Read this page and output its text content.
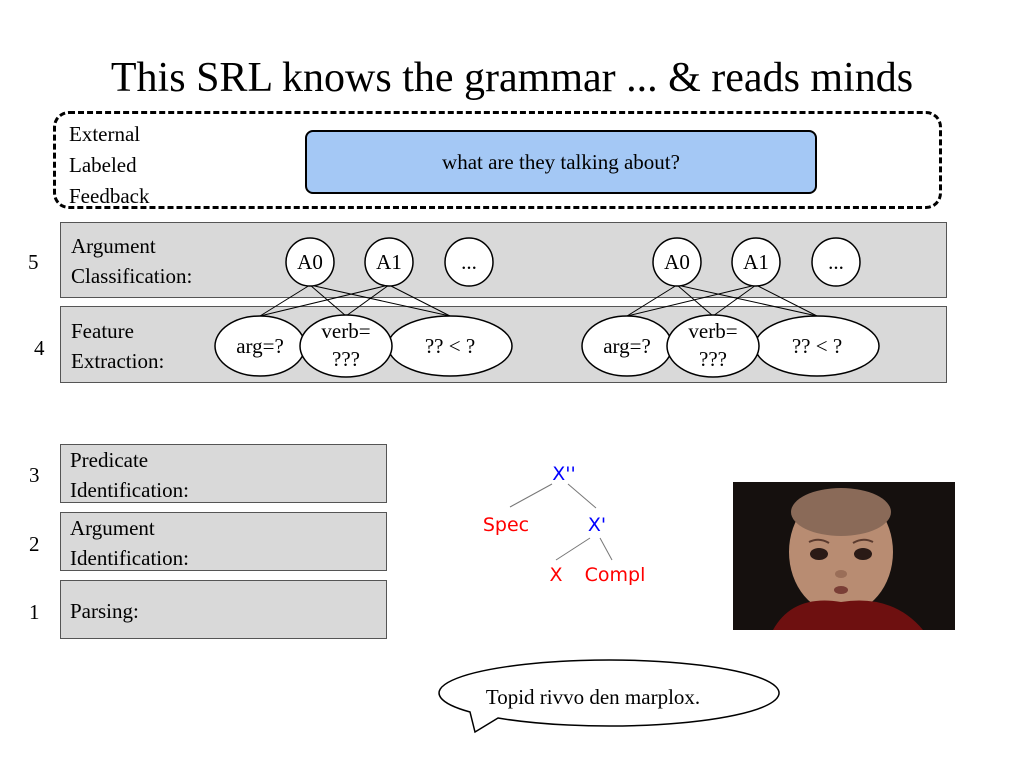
This SRL knows the grammar ... & reads minds
External
Labeled
Feedback
what are they talking about?
5
Argument
Classification:
4
Feature
Extraction:
3
Predicate
Identification:
2
Argument
Identification:
1 Parsing:
A0	A1	...	A0	A1	...
arg=?	?? < ?
verb=
???
arg=?	?? < ?
verb=
???
X''
Spec	X'
X Compl
Topid rivvo den marplox.
